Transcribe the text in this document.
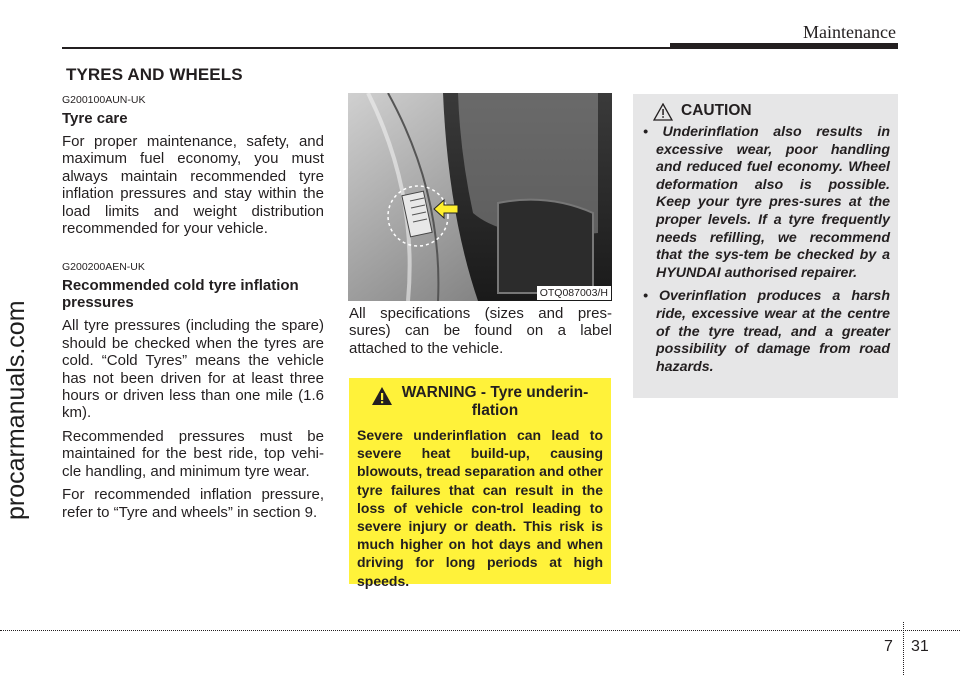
Maintenance
procarmanuals.com
TYRES AND WHEELS

G200100AUN-UK

Tyre care

For proper maintenance, safety, and maximum fuel economy, you must always maintain recommended tyre inflation pressures and stay within the load limits and weight distribution recommended for your vehicle.

G200200AEN-UK

Recommended cold tyre inflation pressures

All tyre pressures (including the spare) should be checked when the tyres are cold. “Cold Tyres” means the vehicle has not been driven for at least three hours or driven less than one mile (1.6 km).

Recommended pressures must be maintained for the best ride, top vehi-cle handling, and minimum tyre wear.

For recommended inflation pressure, refer to “Tyre and wheels” in section 9.

OTQ087003/H
All specifications (sizes and pres-sures) can be found on a label attached to the vehicle.
WARNING - Tyre underin-flation
Severe underinflation can lead to severe heat build-up, causing blowouts, tread separation and other tyre failures that can result in the loss of vehicle con-trol leading to severe injury or death. This risk is much higher on hot days and when driving for long periods at high speeds.
CAUTION
• Underinflation also results in excessive wear, poor handling and reduced fuel economy. Wheel deformation also is possible. Keep your tyre pres-sures at the proper levels. If a tyre frequently needs refilling, we recommend that the sys-tem be checked by a HYUNDAI authorised repairer.
• Overinflation produces a harsh ride, excessive wear at the centre of the tyre tread, and a greater possibility of damage from road hazards.
7 31
